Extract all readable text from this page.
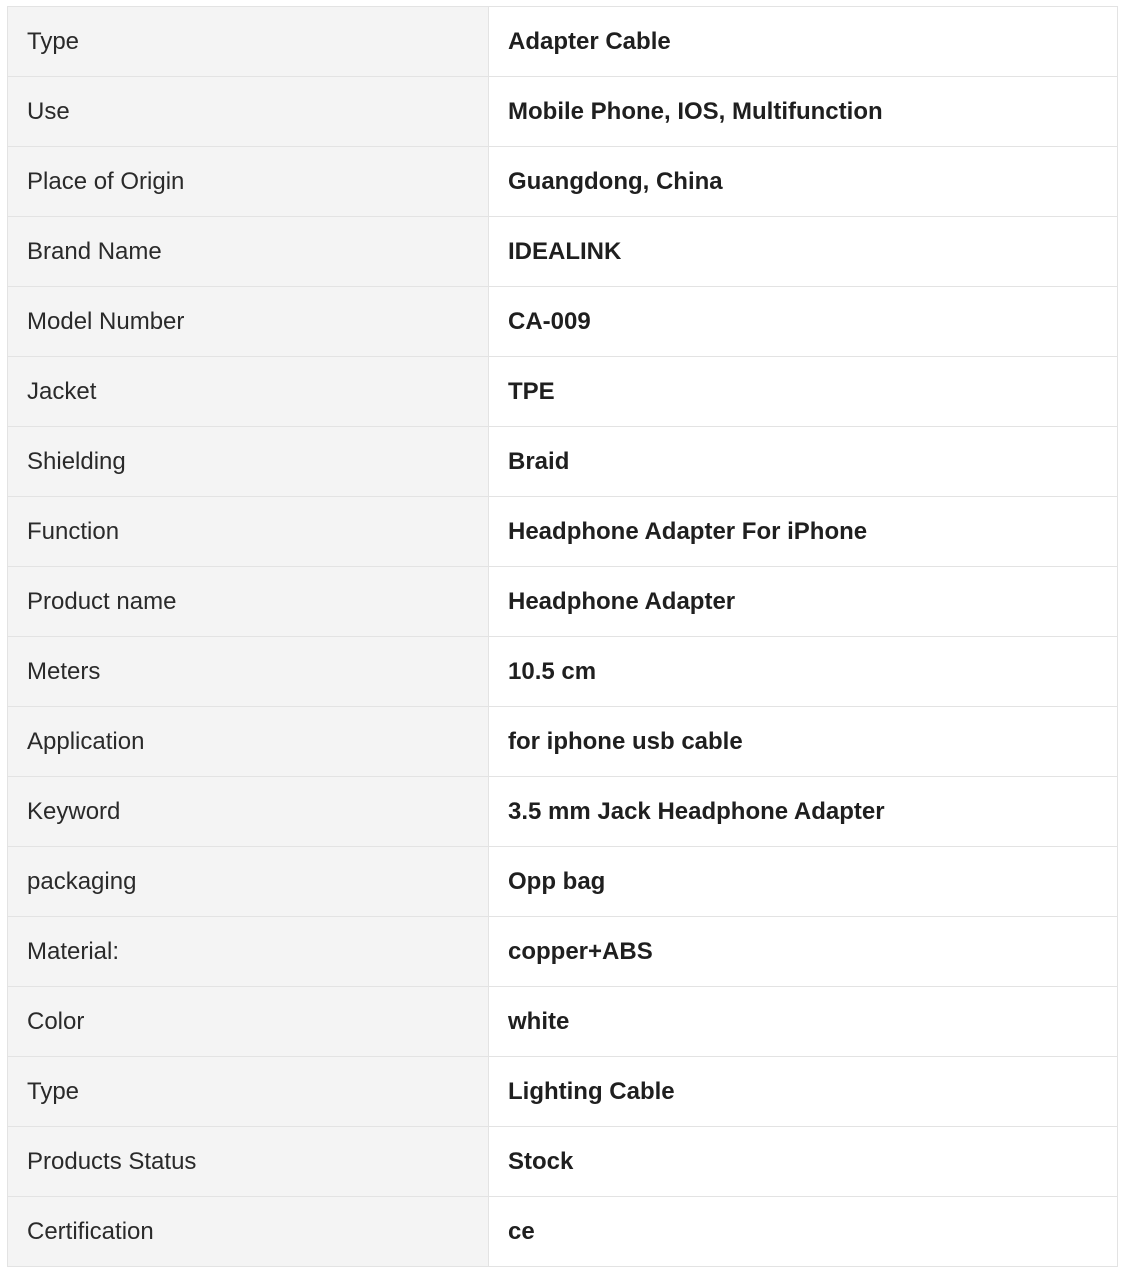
Type	Adapter Cable
Use	Mobile Phone, IOS, Multifunction
Place of Origin	Guangdong, China
Brand Name	IDEALINK
Model Number	CA-009
Jacket	TPE
Shielding	Braid
Function	Headphone Adapter For iPhone
Product name	Headphone Adapter
Meters	10.5 cm
Application	for iphone usb cable
Keyword	3.5 mm Jack Headphone Adapter
packaging	Opp bag
Material:	copper+ABS
Color	white
Type	Lighting Cable
Products Status	Stock
Certification	ce
